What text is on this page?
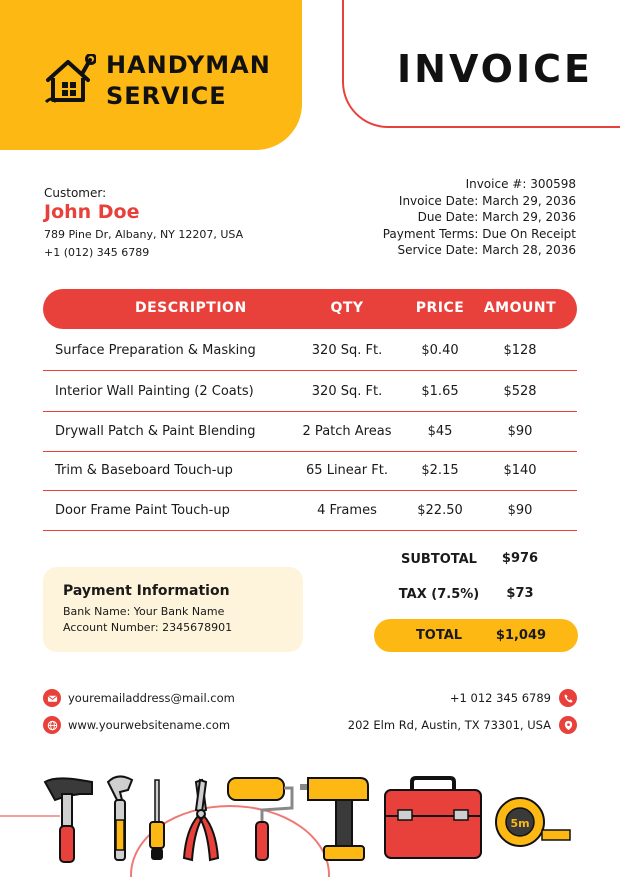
HANDYMAN
SERVICE
INVOICE
Customer:
John Doe
789 Pine Dr, Albany, NY 12207, USA
+1 (012) 345 6789
Invoice #: 300598
Invoice Date: March 29, 2036
Due Date: March 29, 2036
Payment Terms: Due On Receipt
Service Date: March 28, 2036
DESCRIPTION	QTY	PRICE	AMOUNT
Surface Preparation & Masking	320 Sq. Ft.	$0.40	$128
Interior Wall Painting (2 Coats)	320 Sq. Ft.	$1.65	$528
Drywall Patch & Paint Blending	2 Patch Areas	$45	$90
Trim & Baseboard Touch-up	65 Linear Ft.	$2.15	$140
Door Frame Paint Touch-up	4 Frames	$22.50	$90
SUBTOTAL	$976
TAX (7.5%)	$73
TOTAL	$1,049
Payment Information
Bank Name: Your Bank Name
Account Number: 2345678901
youremailaddress@mail.com
www.yourwebsitename.com
+1 012 345 6789
202 Elm Rd, Austin, TX 73301, USA
5m
